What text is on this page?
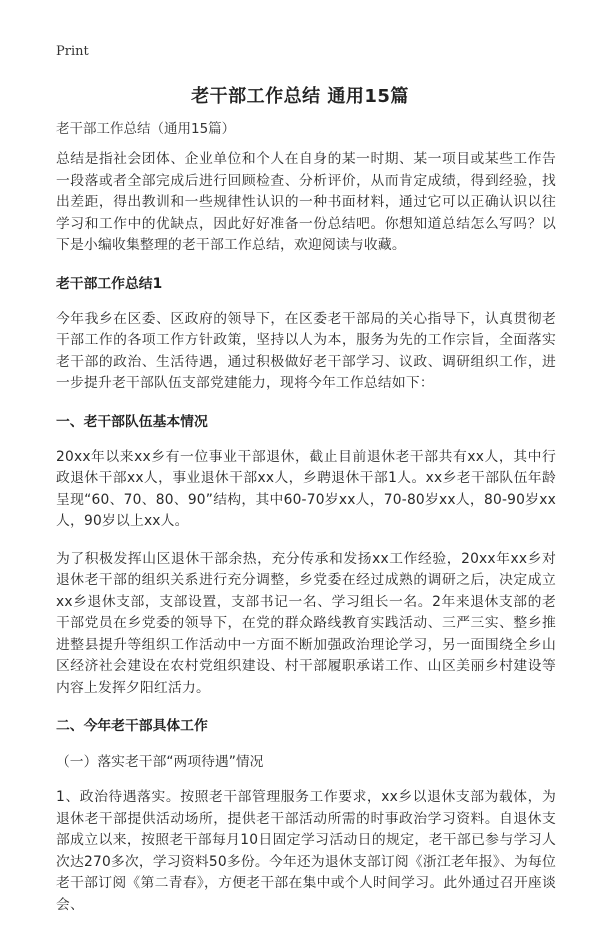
Print
老干部工作总结 通用15篇

老干部工作总结（通用15篇）

总结是指社会团体、企业单位和个人在自身的某一时期、某一项目或某些工作告一段落或者全部完成后进行回顾检查、分析评价，从而肯定成绩，得到经验，找出差距，得出教训和一些规律性认识的一种书面材料，通过它可以正确认识以往学习和工作中的优缺点，因此好好准备一份总结吧。你想知道总结怎么写吗？以下是小编收集整理的老干部工作总结，欢迎阅读与收藏。

老干部工作总结1

今年我乡在区委、区政府的领导下，在区委老干部局的关心指导下，认真贯彻老干部工作的各项工作方针政策，坚持以人为本，服务为先的工作宗旨，全面落实老干部的政治、生活待遇，通过积极做好老干部学习、议政、调研组织工作，进一步提升老干部队伍支部党建能力，现将今年工作总结如下：

一、老干部队伍基本情况

20xx年以来xx乡有一位事业干部退休，截止目前退休老干部共有xx人，其中行政退休干部xx人，事业退休干部xx人，乡聘退休干部1人。xx乡老干部队伍年龄呈现“60、70、80、90”结构，其中60-70岁xx人，70-80岁xx人，80-90岁xx人，90岁以上xx人。

为了积极发挥山区退休干部余热，充分传承和发扬xx工作经验，20xx年xx乡对退休老干部的组织关系进行充分调整，乡党委在经过成熟的调研之后，决定成立xx乡退休支部，支部设置，支部书记一名、学习组长一名。2年来退休支部的老干部党员在乡党委的领导下，在党的群众路线教育实践活动、三严三实、整乡推进整县提升等组织工作活动中一方面不断加强政治理论学习，另一面围绕全乡山区经济社会建设在农村党组织建设、村干部履职承诺工作、山区美丽乡村建设等内容上发挥夕阳红活力。

二、今年老干部具体工作

（一）落实老干部“两项待遇”情况

1、政治待遇落实。按照老干部管理服务工作要求，xx乡以退休支部为载体，为退休老干部提供活动场所，提供老干部活动所需的时事政治学习资料。自退休支部成立以来，按照老干部每月10日固定学习活动日的规定，老干部已参与学习人次达270多次，学习资料50多份。今年还为退休支部订阅《浙江老年报》、为每位老干部订阅《第二青春》，方便老干部在集中或个人时间学习。此外通过召开座谈会、
